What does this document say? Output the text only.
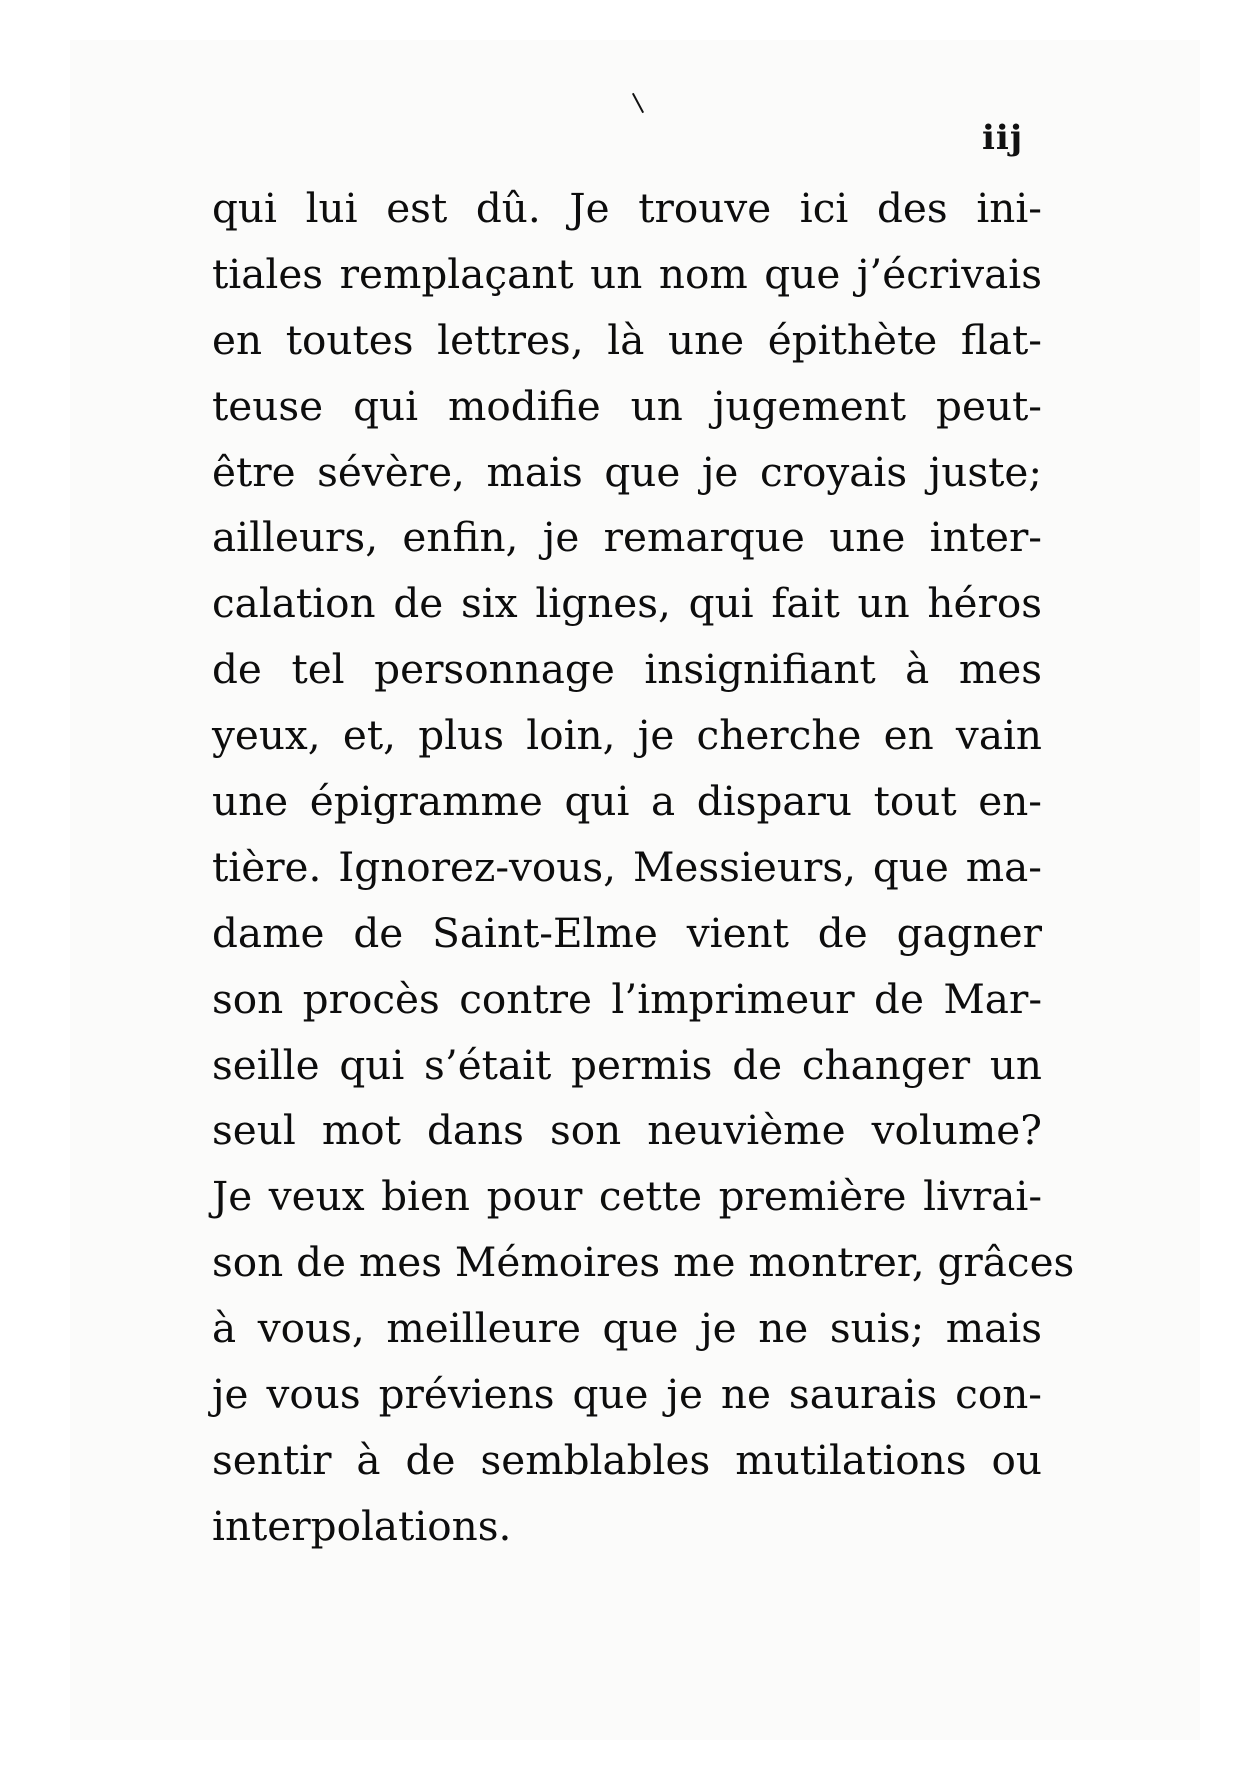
iij
qui lui est dû. Je trouve ici des ini-
tiales remplaçant un nom que j’écrivais
en toutes lettres, là une épithète flat-
teuse qui modifie un jugement peut-
être sévère, mais que je croyais juste;
ailleurs, enfin, je remarque une inter-
calation de six lignes, qui fait un héros
de tel personnage insignifiant à mes
yeux, et, plus loin, je cherche en vain
une épigramme qui a disparu tout en-
tière. Ignorez-vous, Messieurs, que ma-
dame de Saint-Elme vient de gagner
son procès contre l’imprimeur de Mar-
seille qui s’était permis de changer un
seul mot dans son neuvième volume?
Je veux bien pour cette première livrai-
son de mes Mémoires me montrer, grâces
à vous, meilleure que je ne suis; mais
je vous préviens que je ne saurais con-
sentir à de semblables mutilations ou
interpolations.
